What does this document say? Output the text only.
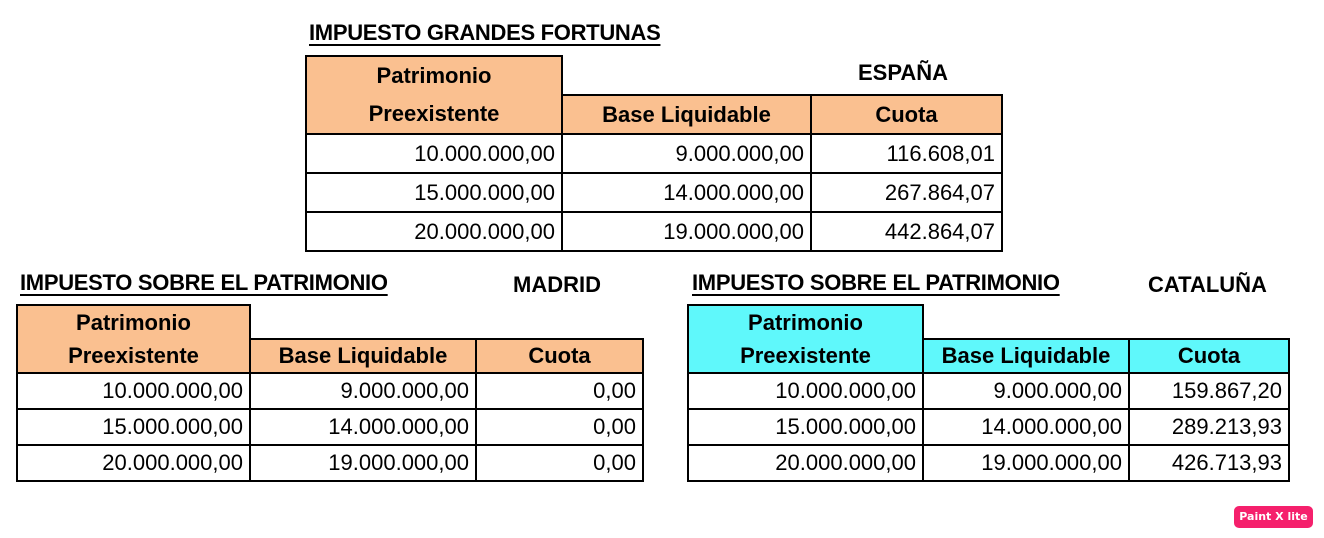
IMPUESTO GRANDES FORTUNAS
ESPAÑA
Patrimonio		
Preexistente	Base Liquidable	Cuota
10.000.000,00	9.000.000,00	116.608,01
15.000.000,00	14.000.000,00	267.864,07
20.000.000,00	19.000.000,00	442.864,07
IMPUESTO SOBRE EL PATRIMONIO	MADRID
Patrimonio		
Preexistente	Base Liquidable	Cuota
10.000.000,00	9.000.000,00	0,00
15.000.000,00	14.000.000,00	0,00
20.000.000,00	19.000.000,00	0,00
IMPUESTO SOBRE EL PATRIMONIO	CATALUÑA
Patrimonio		
Preexistente	Base Liquidable	Cuota
10.000.000,00	9.000.000,00	159.867,20
15.000.000,00	14.000.000,00	289.213,93
20.000.000,00	19.000.000,00	426.713,93
Paint X lite
